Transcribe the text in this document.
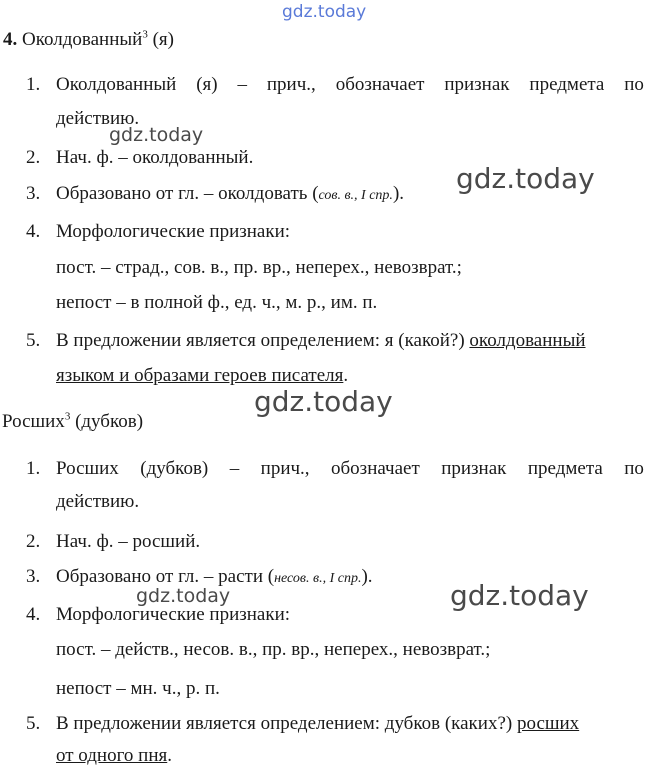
gdz.today
gdz.today
gdz.today
gdz.today
gdz.today	gdz.today
4. Околдованный$^3$ (я)
1. Околдованный (я) – прич., обозначает признак предмета по
действию.
2. Нач. ф. – околдованный.
3. Образовано от гл. – околдовать (сов. в., I спр.).
4. Морфологические признаки:
пост. – страд., сов. в., пр. вр., неперех., невозврат.;
непост – в полной ф., ед. ч., м. р., им. п.
5. В предложении является определением: я (какой?) околдованный
языком и образами героев писателя.
Росших$^3$ (дубков)
1. Росших (дубков) – прич., обозначает признак предмета по
действию.
2. Нач. ф. – росший.
3. Образовано от гл. – расти (несов. в., I спр.).
4. Морфологические признаки:
пост. – действ., несов. в., пр. вр., неперех., невозврат.;
непост – мн. ч., р. п.
5. В предложении является определением: дубков (каких?) росших
от одного пня.
